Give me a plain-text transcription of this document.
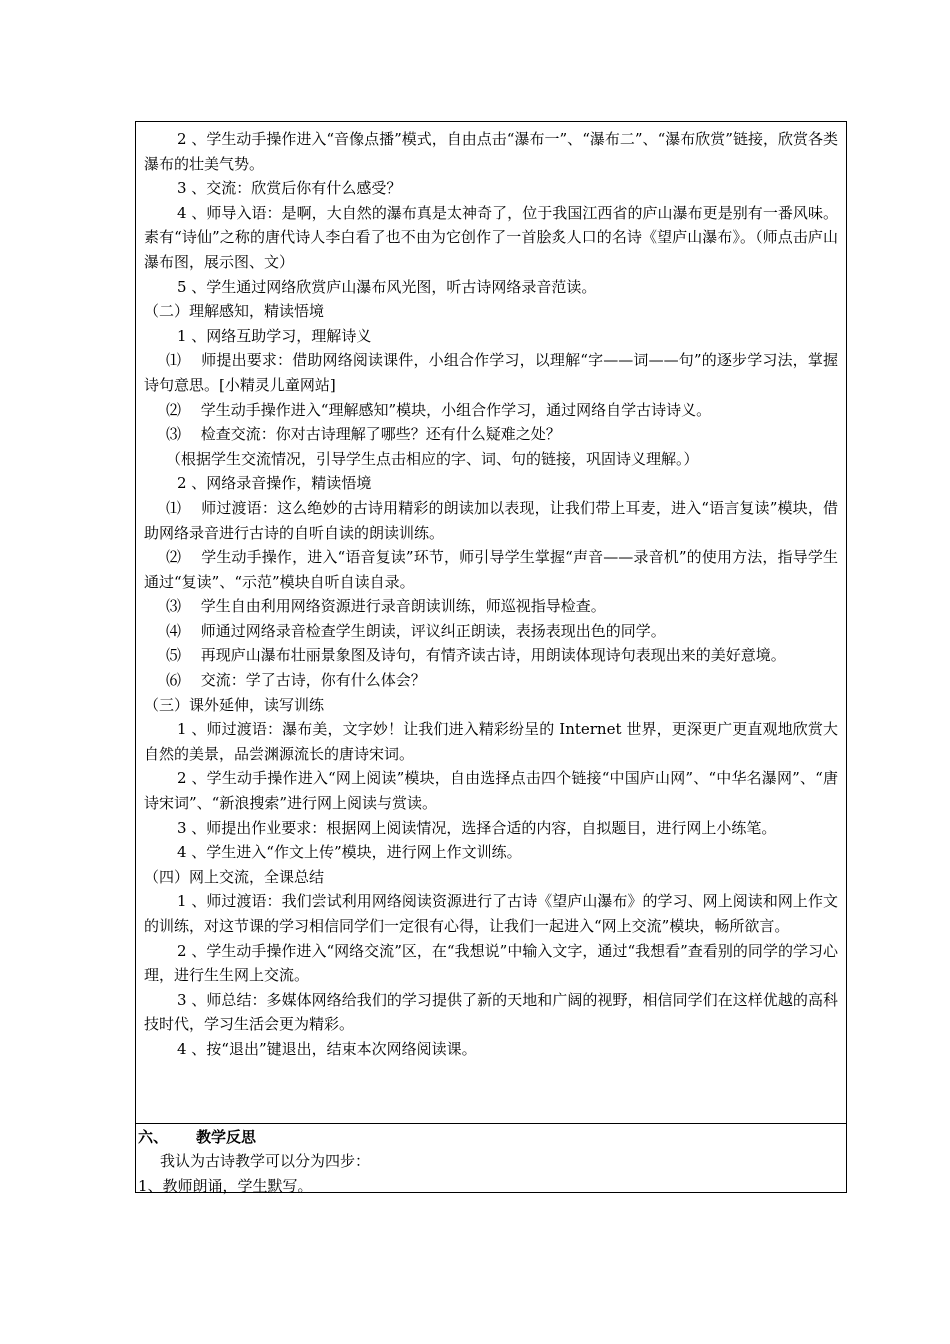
2 、学生动手操作进入“音像点播”模式，自由点击“瀑布一”、“瀑布二”、“瀑布欣赏”链接，欣赏各类瀑布的壮美气势。

3 、交流：欣赏后你有什么感受？

4 、师导入语：是啊，大自然的瀑布真是太神奇了，位于我国江西省的庐山瀑布更是别有一番风味。素有“诗仙”之称的唐代诗人李白看了也不由为它创作了一首脍炙人口的名诗《望庐山瀑布》。（师点击庐山瀑布图，展示图、文）

5 、学生通过网络欣赏庐山瀑布风光图，听古诗网络录音范读。

（二）理解感知，精读悟境

1 、网络互助学习，理解诗义

⑴ 　师提出要求：借助网络阅读课件，小组合作学习，以理解“字——词——句”的逐步学习法，掌握诗句意思。[小精灵儿童网站]

⑵ 　学生动手操作进入“理解感知”模块，小组合作学习，通过网络自学古诗诗义。

⑶ 　检查交流：你对古诗理解了哪些？还有什么疑难之处？

（根据学生交流情况，引导学生点击相应的字、词、句的链接，巩固诗义理解。）

2 、网络录音操作，精读悟境

⑴ 　师过渡语：这么绝妙的古诗用精彩的朗读加以表现，让我们带上耳麦，进入“语言复读”模块，借助网络录音进行古诗的自听自读的朗读训练。

⑵ 　学生动手操作，进入“语音复读”环节，师引导学生掌握“声音——录音机”的使用方法，指导学生通过“复读”、“示范”模块自听自读自录。

⑶ 　学生自由利用网络资源进行录音朗读训练，师巡视指导检查。

⑷ 　师通过网络录音检查学生朗读，评议纠正朗读，表扬表现出色的同学。

⑸ 　再现庐山瀑布壮丽景象图及诗句，有情齐读古诗，用朗读体现诗句表现出来的美好意境。

⑹ 　交流：学了古诗，你有什么体会？

（三）课外延伸，读写训练

1 、师过渡语：瀑布美，文字妙！让我们进入精彩纷呈的 Internet 世界，更深更广更直观地欣赏大自然的美景，品尝渊源流长的唐诗宋词。

2 、学生动手操作进入“网上阅读”模块，自由选择点击四个链接“中国庐山网”、“中华名瀑网”、“唐诗宋词”、“新浪搜索”进行网上阅读与赏读。

3 、师提出作业要求：根据网上阅读情况，选择合适的内容，自拟题目，进行网上小练笔。

4 、学生进入“作文上传”模块，进行网上作文训练。

（四）网上交流，全课总结

1 、师过渡语：我们尝试利用网络阅读资源进行了古诗《望庐山瀑布》的学习、网上阅读和网上作文的训练，对这节课的学习相信同学们一定很有心得，让我们一起进入“网上交流”模块，畅所欲言。

2 、学生动手操作进入“网络交流”区，在“我想说”中输入文字，通过“我想看”查看别的同学的学习心理，进行生生网上交流。

3 、师总结：多媒体网络给我们的学习提供了新的天地和广阔的视野，相信同学们在这样优越的高科技时代，学习生活会更为精彩。

4 、按“退出”键退出，结束本次网络阅读课。

六、 教学反思

我认为古诗教学可以分为四步：

1、教师朗诵，学生默写。
